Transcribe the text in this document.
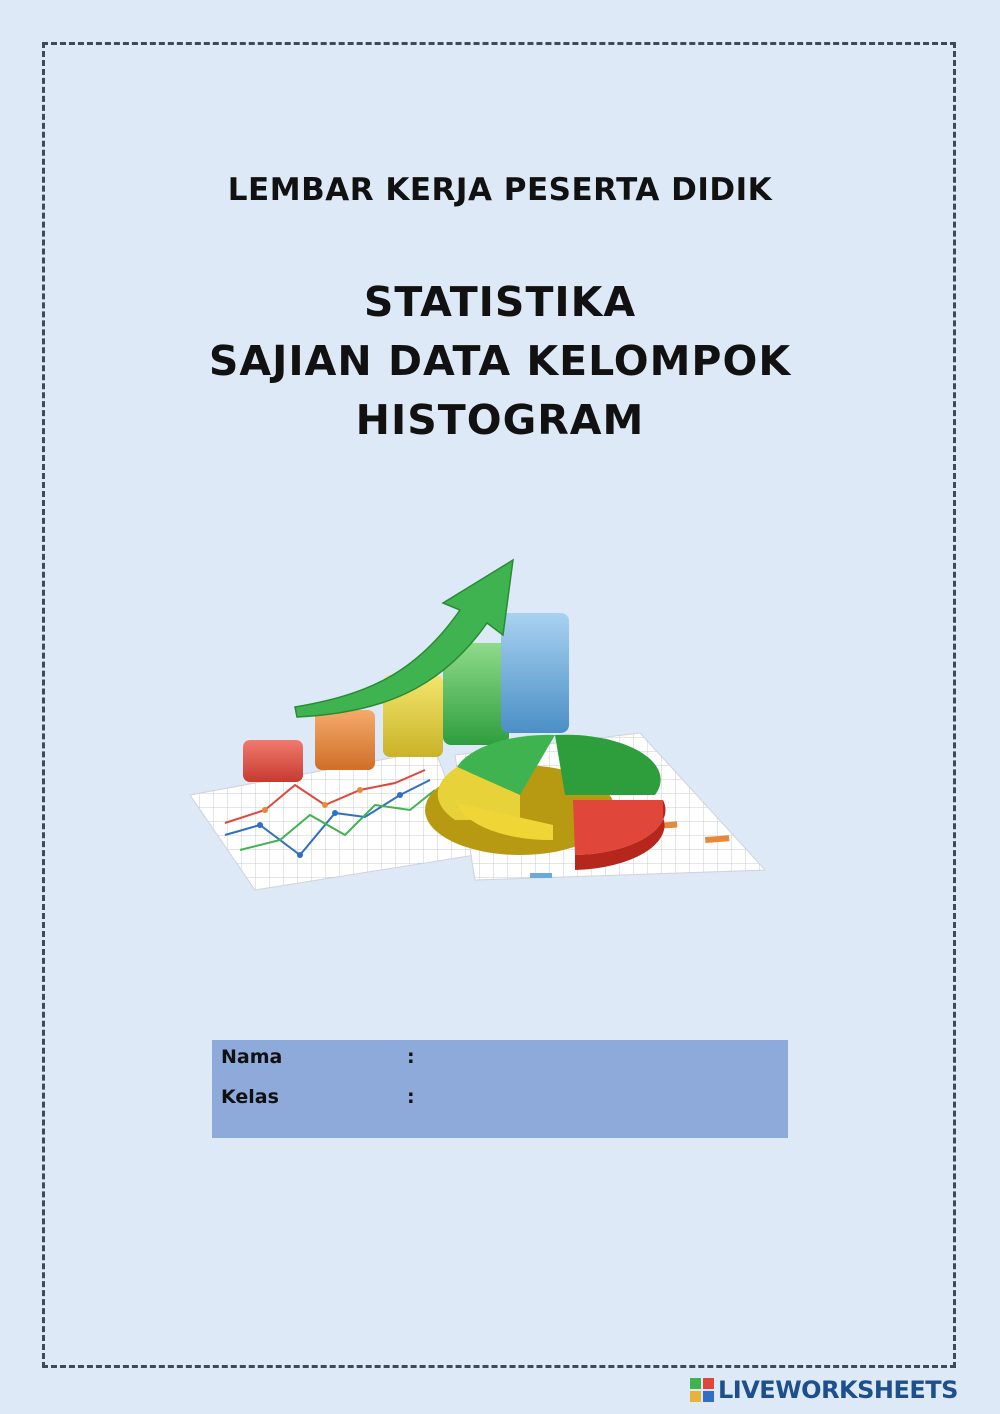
LEMBAR KERJA PESERTA DIDIK
STATISTIKA
SAJIAN DATA KELOMPOK
HISTOGRAM
Nama	:
Kelas	:
LIVEWORKSHEETS
